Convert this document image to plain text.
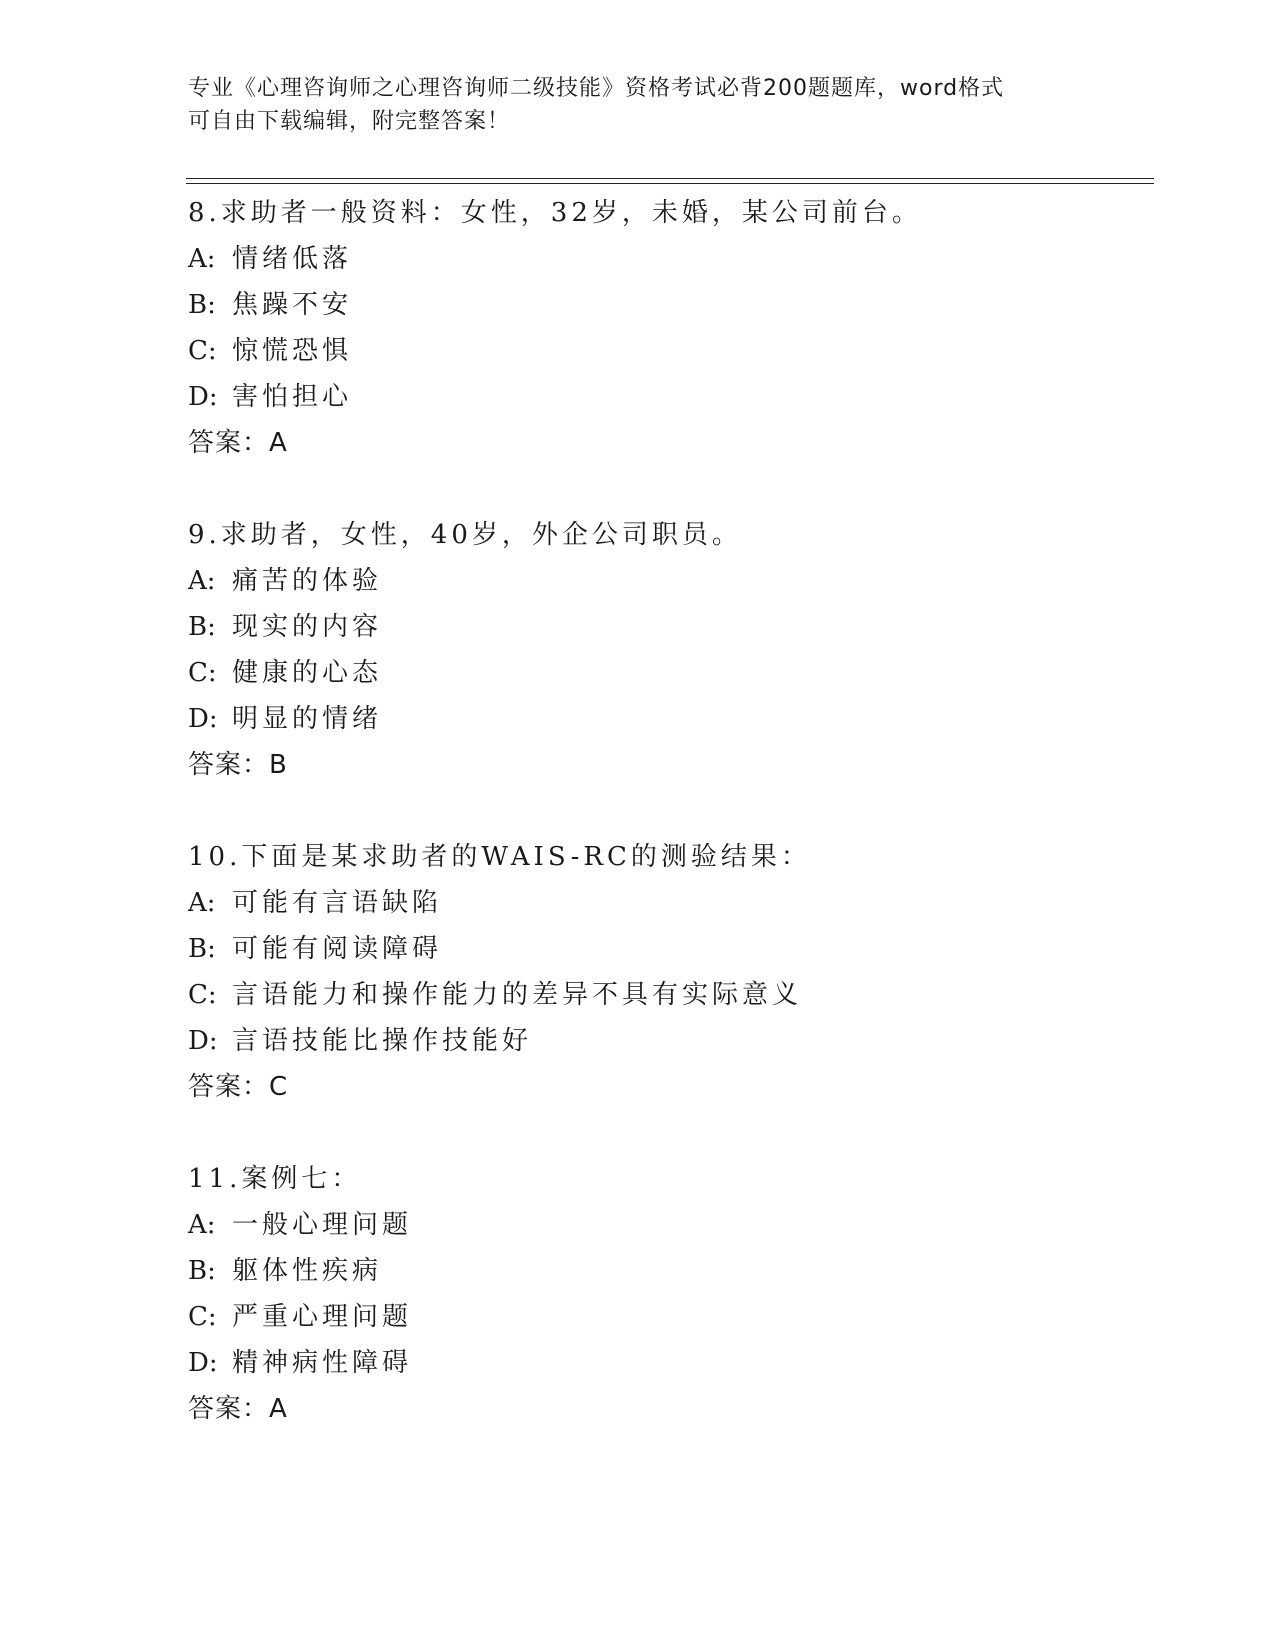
专业《心理咨询师之心理咨询师二级技能》资格考试必背200题题库，word格式
可自由下载编辑，附完整答案！
8.求助者一般资料：女性，32岁，未婚，某公司前台。
A: 情绪低落
B: 焦躁不安
C: 惊慌恐惧
D: 害怕担心
答案：A
9.求助者，女性，40岁，外企公司职员。
A: 痛苦的体验
B: 现实的内容
C: 健康的心态
D: 明显的情绪
答案：B
10.下面是某求助者的WAIS-RC的测验结果：
A: 可能有言语缺陷
B: 可能有阅读障碍
C: 言语能力和操作能力的差异不具有实际意义
D: 言语技能比操作技能好
答案：C
11.案例七：
A: 一般心理问题
B: 躯体性疾病
C: 严重心理问题
D: 精神病性障碍
答案：A
